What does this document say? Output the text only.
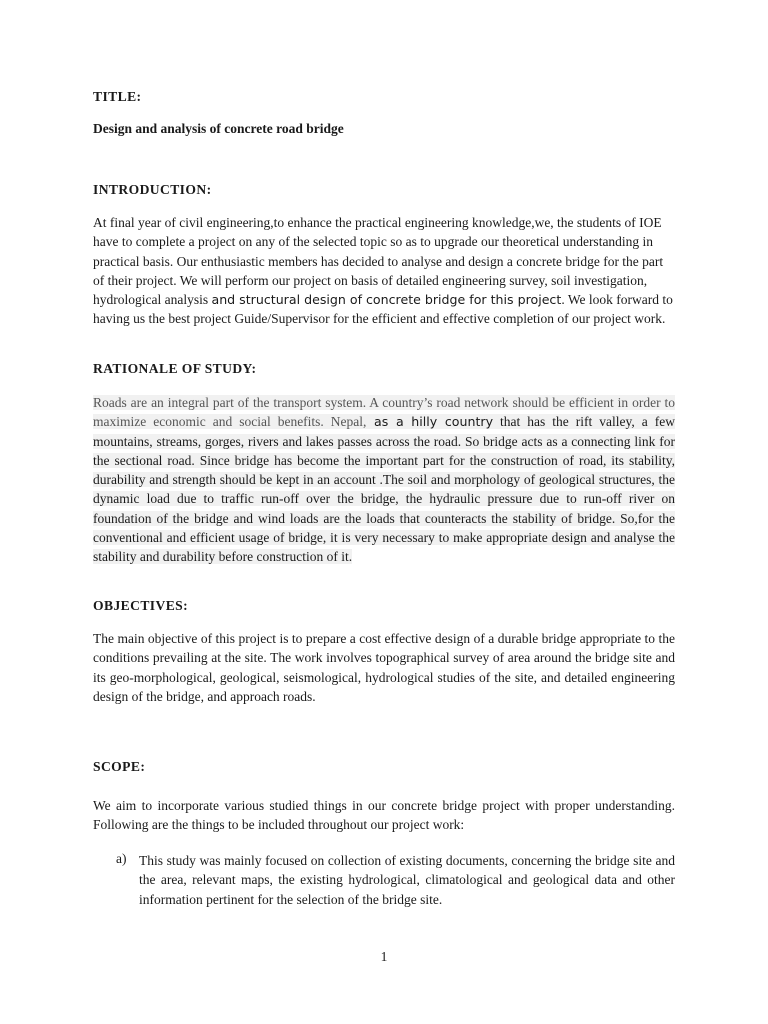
TITLE:
Design and analysis of concrete road bridge
INTRODUCTION:

At final year of civil engineering,to enhance the practical engineering knowledge,we, the students of IOE have to complete a project on any of the selected topic so as to upgrade our theoretical understanding in practical basis. Our enthusiastic members has decided to analyse and design a concrete bridge for the part of their project. We will perform our project on basis of detailed engineering survey, soil investigation, hydrological analysis and structural design of concrete bridge for this project. We look forward to having us the best project Guide/Supervisor for the efficient and effective completion of our project work.

RATIONALE OF STUDY:

Roads are an integral part of the transport system. A country’s road network should be efficient in order to maximize economic and social benefits. Nepal, as a hilly country that has the rift valley, a few mountains, streams, gorges, rivers and lakes passes across the road. So bridge acts as a connecting link for the sectional road. Since bridge has become the important part for the construction of road, its stability, durability and strength should be kept in an account .The soil and morphology of geological structures, the dynamic load due to traffic run-off over the bridge, the hydraulic pressure due to run-off river on foundation of the bridge and wind loads are the loads that counteracts the stability of bridge. So,for the conventional and efficient usage of bridge, it is very necessary to make appropriate design and analyse the stability and durability before construction of it.

OBJECTIVES:

The main objective of this project is to prepare a cost effective design of a durable bridge appropriate to the conditions prevailing at the site. The work involves topographical survey of area around the bridge site and its geo-morphological, geological, seismological, hydrological studies of the site, and detailed engineering design of the bridge, and approach roads.

SCOPE:

We aim to incorporate various studied things in our concrete bridge project with proper understanding. Following are the things to be included throughout our project work:

a) This study was mainly focused on collection of existing documents, concerning the bridge site and the area, relevant maps, the existing hydrological, climatological and geological data and other information pertinent for the selection of the bridge site.

1
